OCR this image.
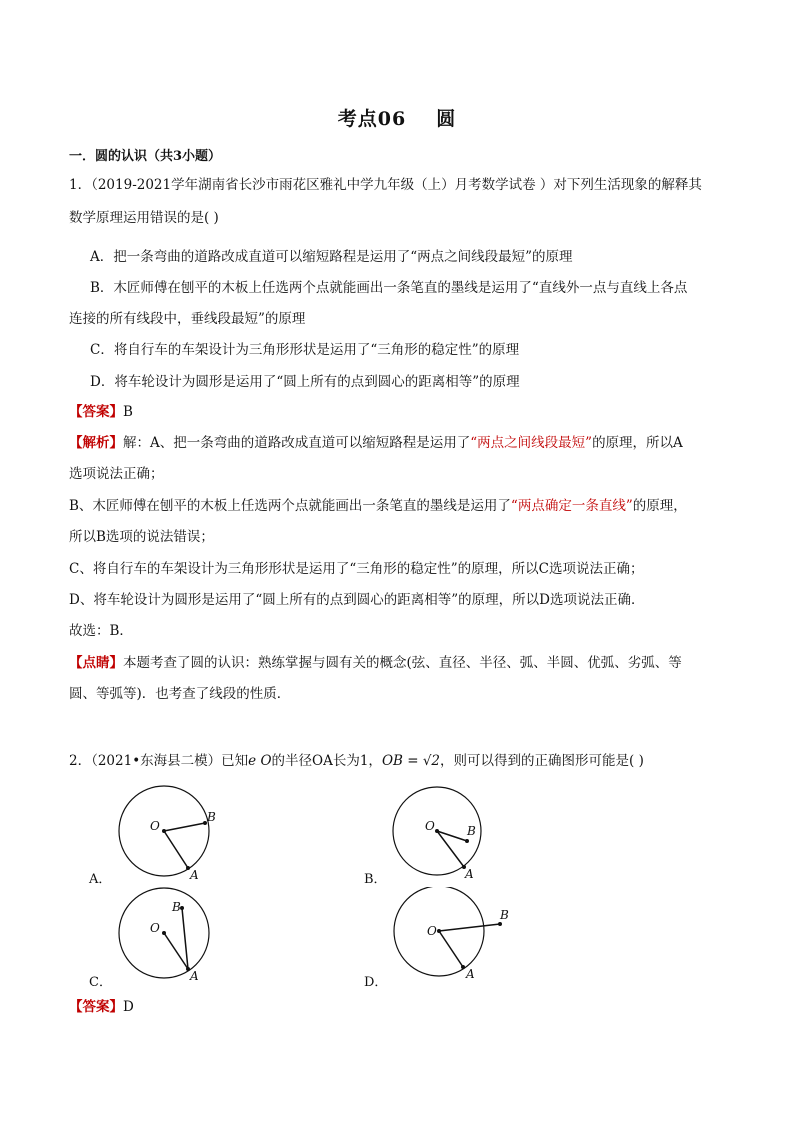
考点06 圆
一．圆的认识（共3小题）
1．（2019-2021学年湖南省长沙市雨花区雅礼中学九年级（上）月考数学试卷 ）对下列生活现象的解释其
数学原理运用错误的是( )
A．把一条弯曲的道路改成直道可以缩短路程是运用了“两点之间线段最短”的原理
B．木匠师傅在刨平的木板上任选两个点就能画出一条笔直的墨线是运用了“直线外一点与直线上各点
连接的所有线段中，垂线段最短”的原理
C．将自行车的车架设计为三角形形状是运用了“三角形的稳定性”的原理
D．将车轮设计为圆形是运用了“圆上所有的点到圆心的距离相等”的原理
【答案】B
【解析】解：A、把一条弯曲的道路改成直道可以缩短路程是运用了“两点之间线段最短”的原理，所以A
选项说法正确；
B、木匠师傅在刨平的木板上任选两个点就能画出一条笔直的墨线是运用了“两点确定一条直线”的原理，
所以B选项的说法错误；
C、将自行车的车架设计为三角形形状是运用了“三角形的稳定性”的原理，所以C选项说法正确；
D、将车轮设计为圆形是运用了“圆上所有的点到圆心的距离相等”的原理，所以D选项说法正确．
故选：B．
【点睛】本题考查了圆的认识：熟练掌握与圆有关的概念(弦、直径、半径、弧、半圆、优弧、劣弧、等
圆、等弧等)．也考查了线段的性质．
2．（2021•东海县二模）已知e O的半径OA长为1，OB = √2，则可以得到的正确图形可能是( )
A．
O
B
A	B．
O	B
A
C．
O
B
A	D．
O
B
A
【答案】D
